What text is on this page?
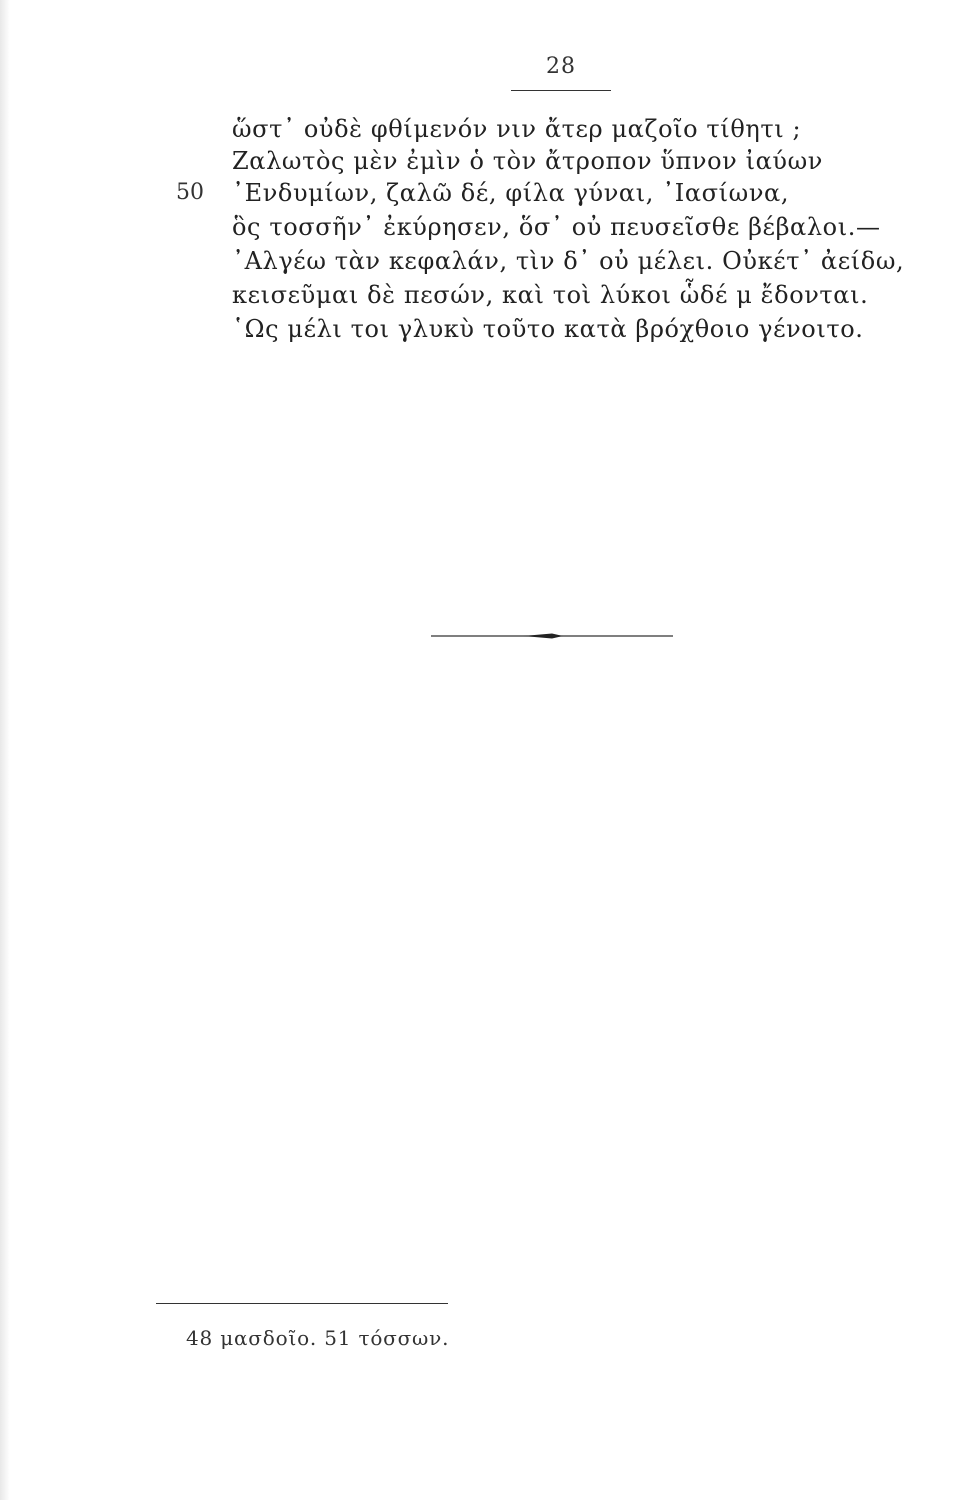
28
ὥστ᾽ οὐδὲ φθίμενόν νιν ἄτερ μαζοῖο τίθητι ;
Ζαλωτὸς μὲν ἐμὶν ὁ τὸν ἄτροπον ὕπνον ἰαύων
50 ᾽Ενδυμίων, ζαλῶ δέ, φίλα γύναι, ᾽Ιασίωνα,
ὃς τοσσῆν᾽ ἐκύρησεν, ὅσ᾽ οὐ πευσεῖσθε βέβαλοι.—
᾽Αλγέω τὰν κεφαλάν, τὶν δ᾽ οὐ μέλει. Οὐκέτ᾽ ἀείδω,
κεισεῦμαι δὲ πεσών, καὶ τοὶ λύκοι ὧδέ μ ἔδονται.
῾Ως μέλι τοι γλυκὺ τοῦτο κατὰ βρόχθοιο γένοιτο.
48 μασδοῖο. 51 τόσσων.
